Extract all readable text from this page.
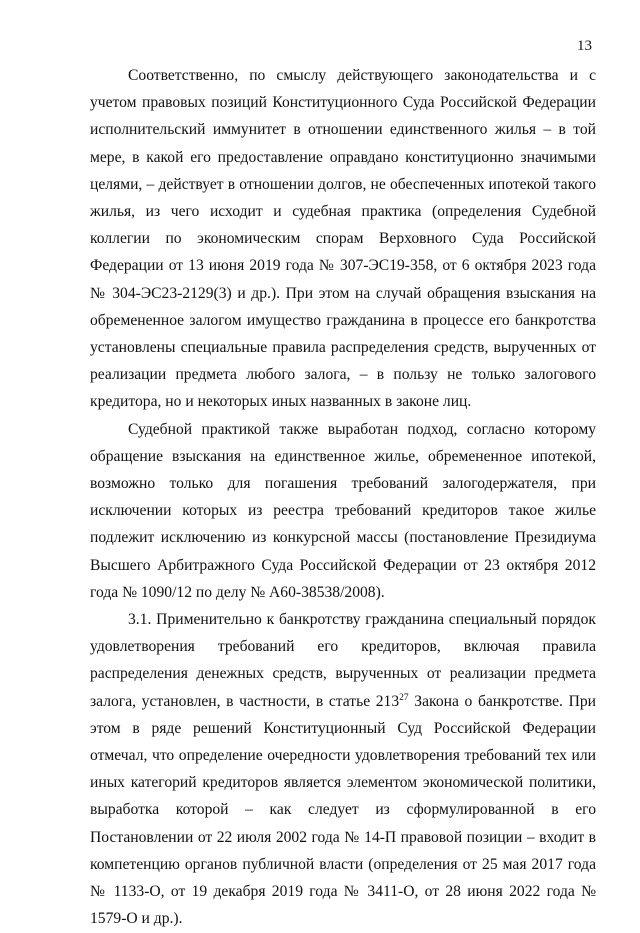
13

Соответственно, по смыслу действующего законодательства и с учетом правовых позиций Конституционного Суда Российской Федерации исполнительский иммунитет в отношении единственного жилья – в той мере, в какой его предоставление оправдано конституционно значимыми целями, – действует в отношении долгов, не обеспеченных ипотекой такого жилья, из чего исходит и судебная практика (определения Судебной коллегии по экономическим спорам Верховного Суда Российской Федерации от 13 июня 2019 года № 307-ЭС19-358, от 6 октября 2023 года № 304-ЭС23-2129(3) и др.). При этом на случай обращения взыскания на обремененное залогом имущество гражданина в процессе его банкротства установлены специальные правила распределения средств, вырученных от реализации предмета любого залога, – в пользу не только залогового кредитора, но и некоторых иных названных в законе лиц.

Судебной практикой также выработан подход, согласно которому обращение взыскания на единственное жилье, обремененное ипотекой, возможно только для погашения требований залогодержателя, при исключении которых из реестра требований кредиторов такое жилье подлежит исключению из конкурсной массы (постановление Президиума Высшего Арбитражного Суда Российской Федерации от 23 октября 2012 года № 1090/12 по делу № А60-38538/2008).

3.1. Применительно к банкротству гражданина специальный порядок удовлетворения требований его кредиторов, включая правила распределения денежных средств, вырученных от реализации предмета залога, установлен, в частности, в статье $213^{27}$ Закона о банкротстве. При этом в ряде решений Конституционный Суд Российской Федерации отмечал, что определение очередности удовлетворения требований тех или иных категорий кредиторов является элементом экономической политики, выработка которой – как следует из сформулированной в его Постановлении от 22 июля 2002 года № 14-П правовой позиции – входит в компетенцию органов публичной власти (определения от 25 мая 2017 года № 1133-О, от 19 декабря 2019 года № 3411-О, от 28 июня 2022 года № 1579-О и др.).
